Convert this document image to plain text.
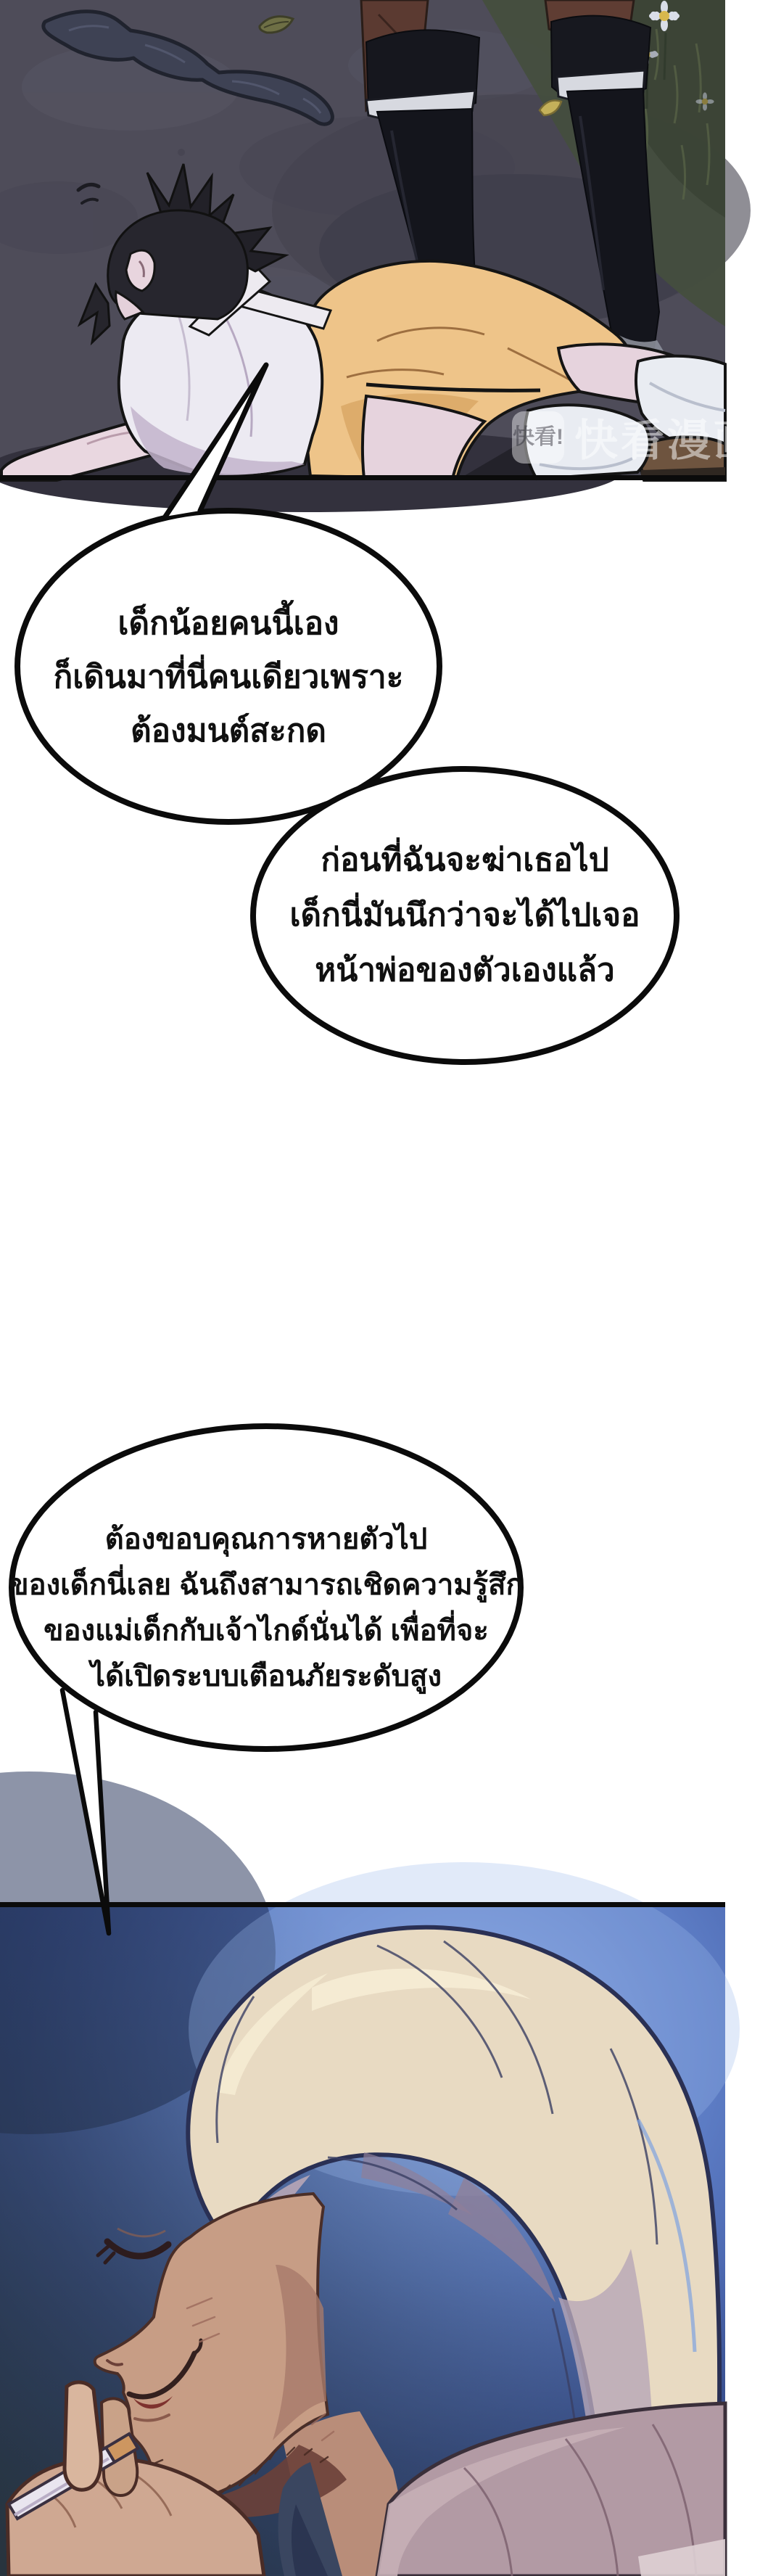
快看! 快看漫画
เด็กน้อยคนนี้เอง
ก็เดินมาที่นี่คนเดียวเพราะ
ต้องมนต์สะกด
ก่อนที่ฉันจะฆ่าเธอไป
เด็กนี่มันนึกว่าจะได้ไปเจอ
หน้าพ่อของตัวเองแล้ว
ต้องขอบคุณการหายตัวไป
ของเด็กนี่เลย ฉันถึงสามารถเชิดความรู้สึก
ของแม่เด็กกับเจ้าไกด์นั่นได้ เพื่อที่จะ
ได้เปิดระบบเตือนภัยระดับสูง
